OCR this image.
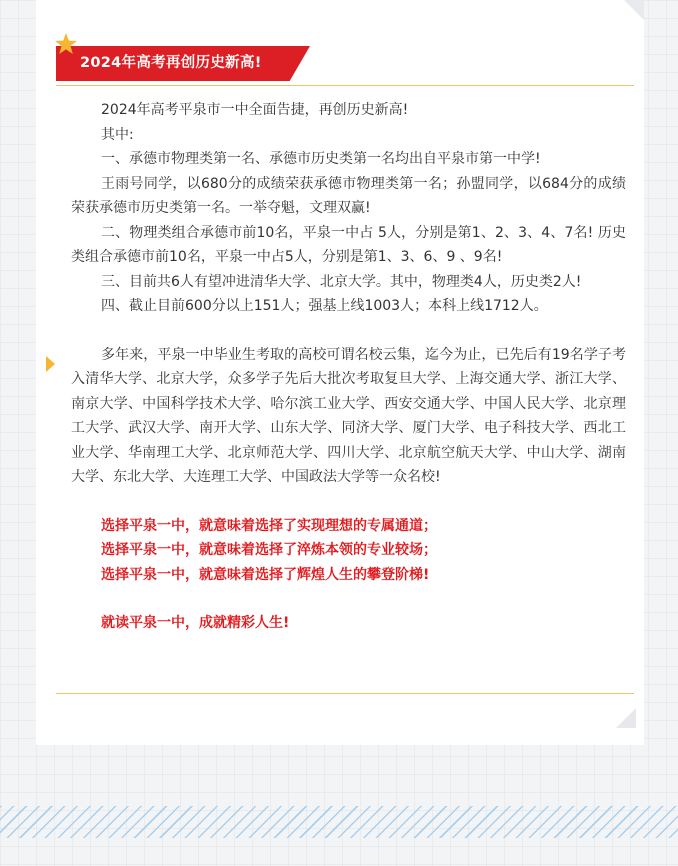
2024年高考再创历史新高!

2024年高考平泉市一中全面告捷，再创历史新高!

其中:

一、承德市物理类第一名、承德市历史类第一名均出自平泉市第一中学!

王雨号同学，以680分的成绩荣获承德市物理类第一名；孙盟同学，以684分的成绩荣获承德市历史类第一名。一举夺魁，文理双赢!

二、物理类组合承德市前10名，平泉一中占 5人，分别是第1、2、3、4、7名! 历史类组合承德市前10名，平泉一中占5人，分别是第1、3、6、9 、9名!

三、目前共6人有望冲进清华大学、北京大学。其中，物理类4人，历史类2人!

四、截止目前600分以上151人；强基上线1003人；本科上线1712人。

多年来，平泉一中毕业生考取的高校可谓名校云集，迄今为止，已先后有19名学子考入清华大学、北京大学，众多学子先后大批次考取复旦大学、上海交通大学、浙江大学、南京大学、中国科学技术大学、哈尔滨工业大学、西安交通大学、中国人民大学、北京理工大学、武汉大学、南开大学、山东大学、同济大学、厦门大学、电子科技大学、西北工业大学、华南理工大学、北京师范大学、四川大学、北京航空航天大学、中山大学、湖南大学、东北大学、大连理工大学、中国政法大学等一众名校!

选择平泉一中，就意味着选择了实现理想的专属通道；

选择平泉一中，就意味着选择了淬炼本领的专业较场；

选择平泉一中，就意味着选择了辉煌人生的攀登阶梯!

就读平泉一中，成就精彩人生!
